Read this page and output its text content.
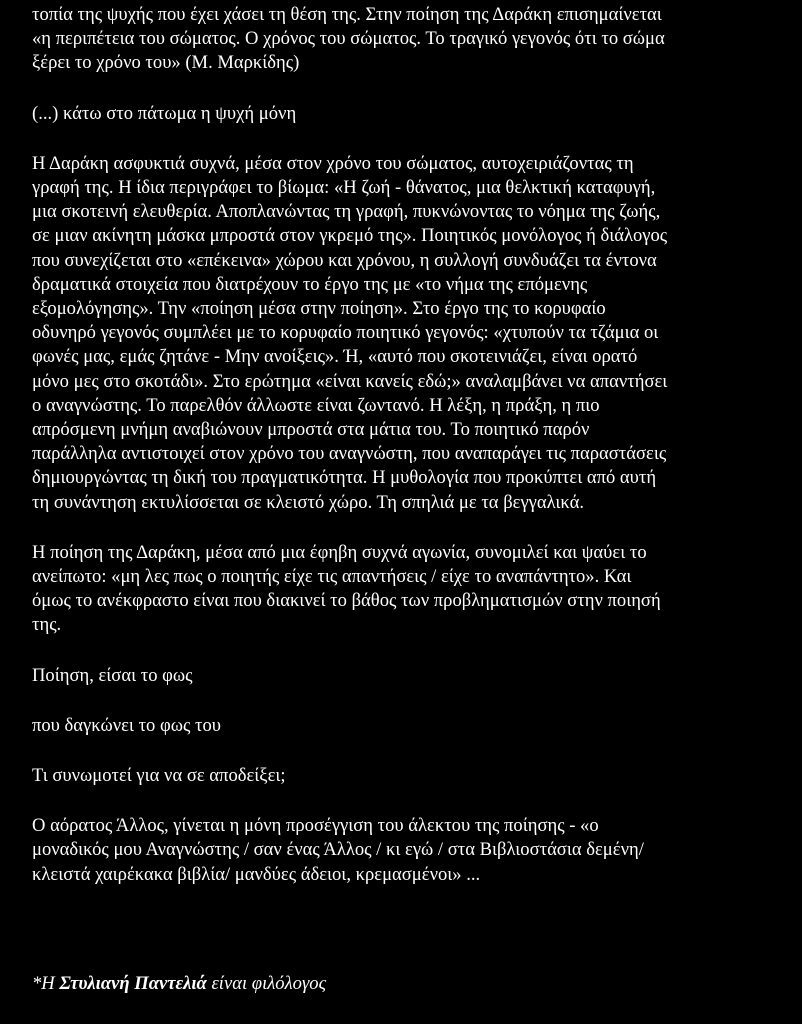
τοπία της ψυχής που έχει χάσει τη θέση της. Στην ποίηση της Δαράκη επισημαίνεται
«η περιπέτεια του σώματος. Ο χρόνος του σώματος. Το τραγικό γεγονός ότι το σώμα
ξέρει το χρόνο του» (Μ. Μαρκίδης)

(...) κάτω στο πάτωμα η ψυχή μόνη

Η Δαράκη ασφυκτιά συχνά, μέσα στον χρόνο του σώματος, αυτοχειριάζοντας τη
γραφή της. Η ίδια περιγράφει το βίωμα: «Η ζωή - θάνατος, μια θελκτική καταφυγή,
μια σκοτεινή ελευθερία. Αποπλανώντας τη γραφή, πυκνώνοντας το νόημα της ζωής,
σε μιαν ακίνητη μάσκα μπροστά στον γκρεμό της». Ποιητικός μονόλογος ή διάλογος
που συνεχίζεται στο «επέκεινα» χώρου και χρόνου, η συλλογή συνδυάζει τα έντονα
δραματικά στοιχεία που διατρέχουν το έργο της με «το νήμα της επόμενης
εξομολόγησης». Την «ποίηση μέσα στην ποίηση». Στο έργο της το κορυφαίο
οδυνηρό γεγονός συμπλέει με το κορυφαίο ποιητικό γεγονός: «χτυπούν τα τζάμια οι
φωνές μας, εμάς ζητάνε - Μην ανοίξεις». Ή, «αυτό που σκοτεινιάζει, είναι ορατό
μόνο μες στο σκοτάδι». Στο ερώτημα «είναι κανείς εδώ;» αναλαμβάνει να απαντήσει
ο αναγνώστης. Το παρελθόν άλλωστε είναι ζωντανό. Η λέξη, η πράξη, η πιο
απρόσμενη μνήμη αναβιώνουν μπροστά στα μάτια του. Το ποιητικό παρόν
παράλληλα αντιστοιχεί στον χρόνο του αναγνώστη, που αναπαράγει τις παραστάσεις
δημιουργώντας τη δική του πραγματικότητα. Η μυθολογία που προκύπτει από αυτή
τη συνάντηση εκτυλίσσεται σε κλειστό χώρο. Τη σπηλιά με τα βεγγαλικά.

Η ποίηση της Δαράκη, μέσα από μια έφηβη συχνά αγωνία, συνομιλεί και ψαύει το
ανείπωτο: «μη λες πως ο ποιητής είχε τις απαντήσεις / είχε το αναπάντητο». Και
όμως το ανέκφραστο είναι που διακινεί το βάθος των προβληματισμών στην ποιησή
της.

Ποίηση, είσαι το φως

που δαγκώνει το φως του

Τι συνωμοτεί για να σε αποδείξει;

Ο αόρατος Άλλος, γίνεται η μόνη προσέγγιση του άλεκτου της ποίησης - «ο
μοναδικός μου Αναγνώστης / σαν ένας Άλλος / κι εγώ / στα Βιβλιοστάσια δεμένη/
κλειστά χαιρέκακα βιβλία/ μανδύες άδειοι, κρεμασμένοι» ...

*Η Στυλιανή Παντελιά είναι φιλόλογος
